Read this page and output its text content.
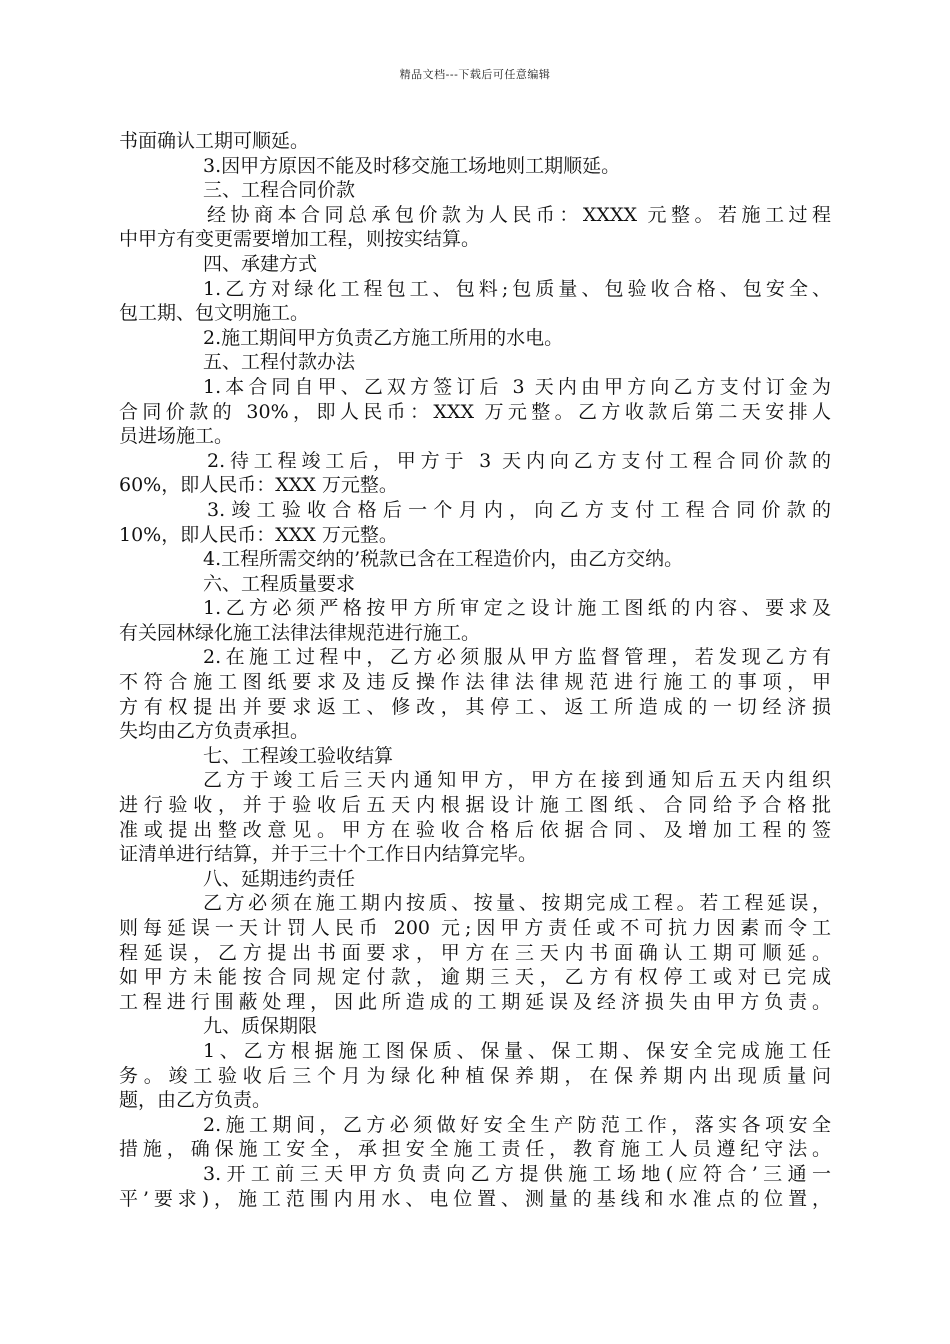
精品文档---下载后可任意编辑
书面确认工期可顺延。
3.因甲方原因不能及时移交施工场地则工期顺延。
三、工程合同价款
经协商本合同总承包价款为人民币：XXXX 元整。若施工过程
中甲方有变更需要增加工程，则按实结算。
四、承建方式
1.乙方对绿化工程包工、包料;包质量、包验收合格、包安全、
包工期、包文明施工。
2.施工期间甲方负责乙方施工所用的水电。
五、工程付款办法
1.本合同自甲、乙双方签订后 3 天内由甲方向乙方支付订金为
合同价款的 30%，即人民币：XXX 万元整。乙方收款后第二天安排人
员进场施工。
2.待工程竣工后，甲方于 3 天内向乙方支付工程合同价款的
60%，即人民币：XXX 万元整。
3.竣工验收合格后一个月内，向乙方支付工程合同价款的
10%，即人民币：XXX 万元整。
4.工程所需交纳的’税款已含在工程造价内，由乙方交纳。
六、工程质量要求
1.乙方必须严格按甲方所审定之设计施工图纸的内容、要求及
有关园林绿化施工法律法律规范进行施工。
2.在施工过程中，乙方必须服从甲方监督管理，若发现乙方有
不符合施工图纸要求及违反操作法律法律规范进行施工的事项，甲
方有权提出并要求返工、修改，其停工、返工所造成的一切经济损
失均由乙方负责承担。
七、工程竣工验收结算
乙方于竣工后三天内通知甲方，甲方在接到通知后五天内组织
进行验收，并于验收后五天内根据设计施工图纸、合同给予合格批
准或提出整改意见。甲方在验收合格后依据合同、及增加工程的签
证清单进行结算，并于三十个工作日内结算完毕。
八、延期违约责任
乙方必须在施工期内按质、按量、按期完成工程。若工程延误，
则每延误一天计罚人民币 200 元;因甲方责任或不可抗力因素而令工
程延误，乙方提出书面要求，甲方在三天内书面确认工期可顺延。
如甲方未能按合同规定付款，逾期三天，乙方有权停工或对已完成
工程进行围蔽处理，因此所造成的工期延误及经济损失由甲方负责。
九、质保期限
1、乙方根据施工图保质、保量、保工期、保安全完成施工任
务。竣工验收后三个月为绿化种植保养期，在保养期内出现质量问
题，由乙方负责。
2.施工期间，乙方必须做好安全生产防范工作，落实各项安全
措施，确保施工安全，承担安全施工责任，教育施工人员遵纪守法。
3.开工前三天甲方负责向乙方提供施工场地(应符合’三通一
平’要求)，施工范围内用水、电位置、测量的基线和水准点的位置，
